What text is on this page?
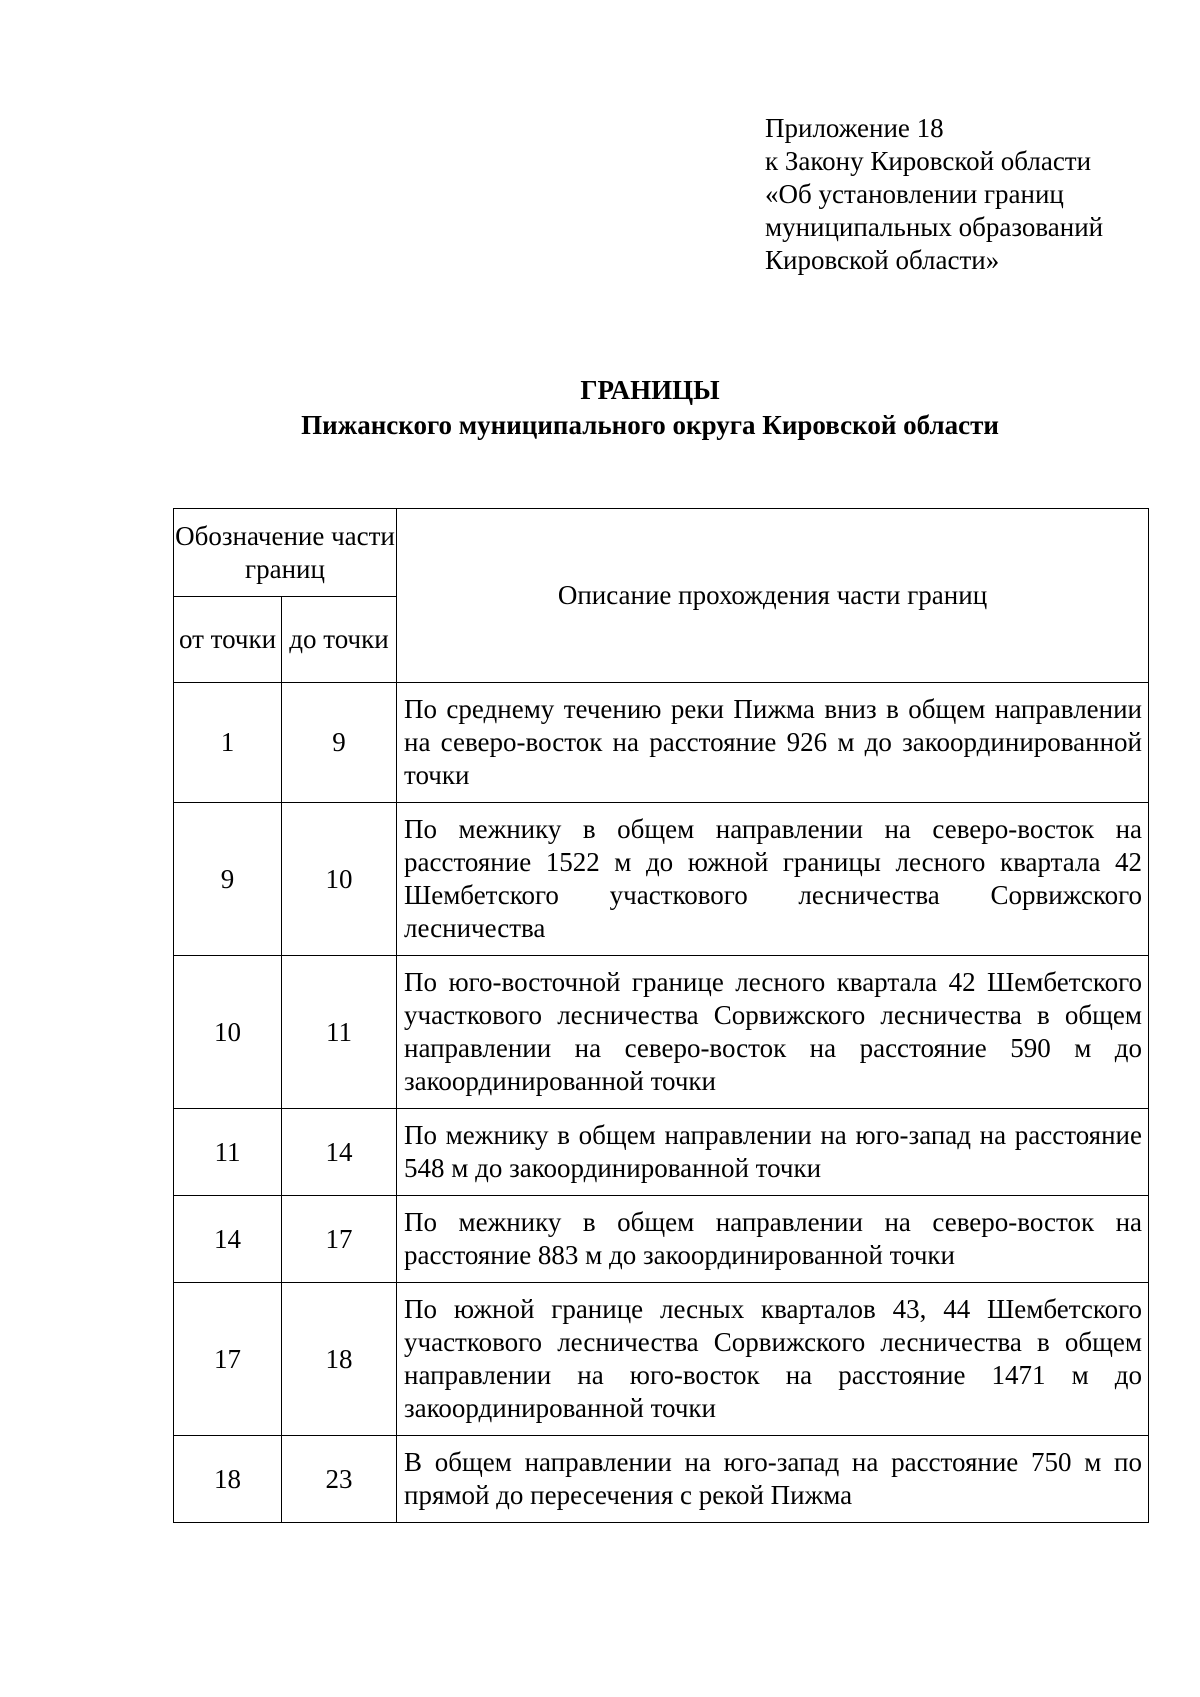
Приложение 18
к Закону Кировской области
«Об установлении границ
муниципальных образований
Кировской области»
ГРАНИЦЫ
Пижанского муниципального округа Кировской области
Обозначение части границ		Описание прохождения части границ
от точки	до точки	
1	9	По среднему течению реки Пижма вниз в общем направлении на северо-восток на расстояние 926 м до закоординированной точки
9	10	По межнику в общем направлении на северо-восток на расстояние 1522 м до южной границы лесного квартала 42 Шембетского участкового лесничества Сорвижского лесничества
10	11	По юго-восточной границе лесного квартала 42 Шембетского участкового лесничества Сорвижского лесничества в общем направлении на северо-восток на расстояние 590 м до закоординированной точки
11	14	По межнику в общем направлении на юго-запад на расстояние 548 м до закоординированной точки
14	17	По межнику в общем направлении на северо-восток на расстояние 883 м до закоординированной точки
17	18	По южной границе лесных кварталов 43, 44 Шембетского участкового лесничества Сорвижского лесничества в общем направлении на юго-восток на расстояние 1471 м до закоординированной точки
18	23	В общем направлении на юго-запад на расстояние 750 м по прямой до пересечения с рекой Пижма
